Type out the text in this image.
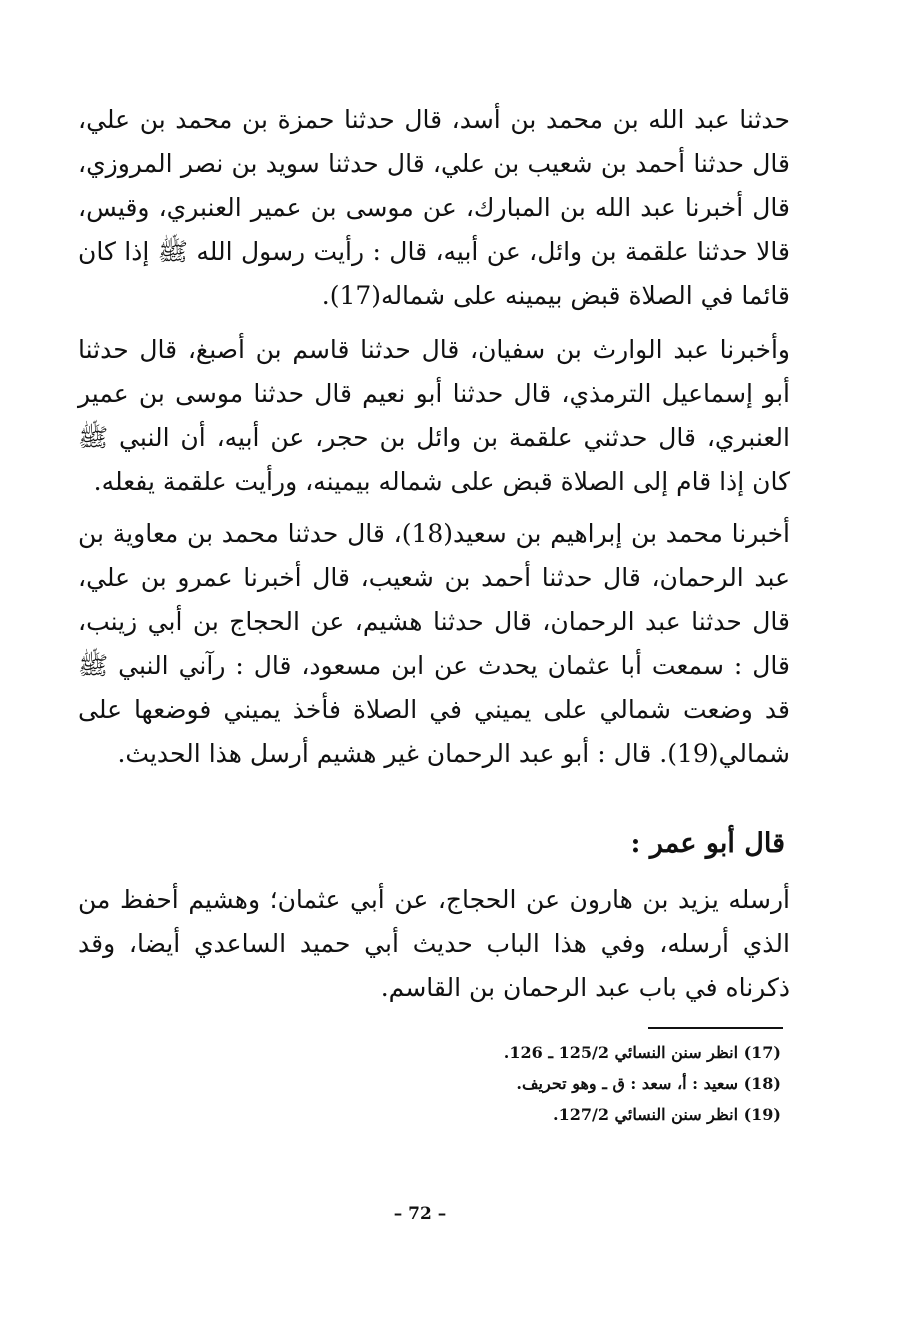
حدثنا عبد الله بن محمد بن أسد، قال حدثنا حمزة بن محمد بن علي، قال حدثنا أحمد بن شعيب بن علي، قال حدثنا سويد بن نصر المروزي، قال أخبرنا عبد الله بن المبارك، عن موسى بن عمير العنبري، وقيس، قالا حدثنا علقمة بن وائل، عن أبيه، قال : رأيت رسول الله ﷺ إذا كان قائما في الصلاة قبض بيمينه على شماله(17).

وأخبرنا عبد الوارث بن سفيان، قال حدثنا قاسم بن أصبغ، قال حدثنا أبو إسماعيل الترمذي، قال حدثنا أبو نعيم قال حدثنا موسى بن عمير العنبري، قال حدثني علقمة بن وائل بن حجر، عن أبيه، أن النبي ﷺ كان إذا قام إلى الصلاة قبض على شماله بيمينه، ورأيت علقمة يفعله.

أخبرنا محمد بن إبراهيم بن سعيد(18)، قال حدثنا محمد بن معاوية بن عبد الرحمان، قال حدثنا أحمد بن شعيب، قال أخبرنا عمرو بن علي، قال حدثنا عبد الرحمان، قال حدثنا هشيم، عن الحجاج بن أبي زينب، قال : سمعت أبا عثمان يحدث عن ابن مسعود، قال : رآني النبي ﷺ قد وضعت شمالي على يميني في الصلاة فأخذ يميني فوضعها على شمالي(19). قال : أبو عبد الرحمان غير هشيم أرسل هذا الحديث.

قال أبو عمر :

أرسله يزيد بن هارون عن الحجاج، عن أبي عثمان؛ وهشيم أحفظ من الذي أرسله، وفي هذا الباب حديث أبي حميد الساعدي أيضا، وقد ذكرناه في باب عبد الرحمان بن القاسم.

(17) انظر سنن النسائي 125/2 ـ 126.
(18) سعيد : أ، سعد : ق ـ وهو تحريف.
(19) انظر سنن النسائي 127/2.
– 72 –
